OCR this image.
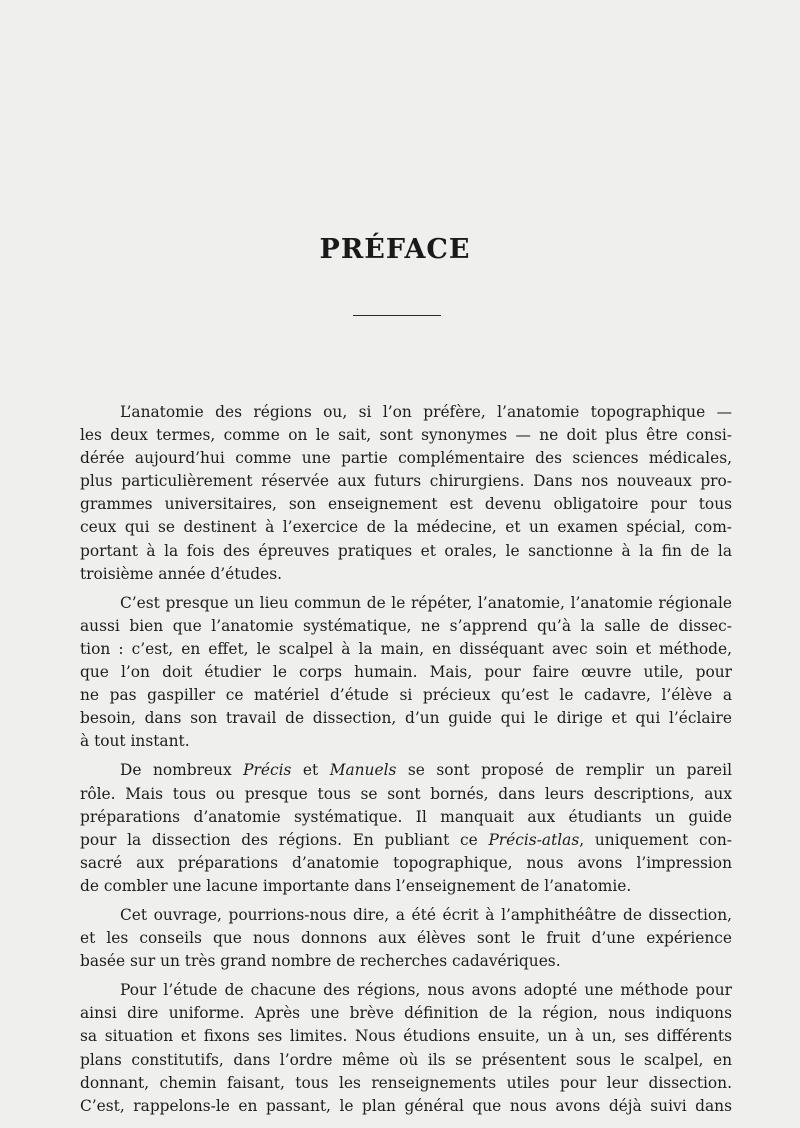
PRÉFACE
L’anatomie des régions ou, si l’on préfère, l’anatomie topographique —
les deux termes, comme on le sait, sont synonymes — ne doit plus être consi-
dérée aujourd’hui comme une partie complémentaire des sciences médicales,
plus particulièrement réservée aux futurs chirurgiens. Dans nos nouveaux pro-
grammes universitaires, son enseignement est devenu obligatoire pour tous
ceux qui se destinent à l’exercice de la médecine, et un examen spécial, com-
portant à la fois des épreuves pratiques et orales, le sanctionne à la fin de la
troisième année d’études.
C’est presque un lieu commun de le répéter, l’anatomie, l’anatomie régionale
aussi bien que l’anatomie systématique, ne s’apprend qu’à la salle de dissec-
tion : c’est, en effet, le scalpel à la main, en disséquant avec soin et méthode,
que l’on doit étudier le corps humain. Mais, pour faire œuvre utile, pour
ne pas gaspiller ce matériel d’étude si précieux qu’est le cadavre, l’élève a
besoin, dans son travail de dissection, d’un guide qui le dirige et qui l’éclaire
à tout instant.
De nombreux Précis et Manuels se sont proposé de remplir un pareil
rôle. Mais tous ou presque tous se sont bornés, dans leurs descriptions, aux
préparations d’anatomie systématique. Il manquait aux étudiants un guide
pour la dissection des régions. En publiant ce Précis-atlas, uniquement con-
sacré aux préparations d’anatomie topographique, nous avons l’impression
de combler une lacune importante dans l’enseignement de l’anatomie.
Cet ouvrage, pourrions-nous dire, a été écrit à l’amphithéâtre de dissection,
et les conseils que nous donnons aux élèves sont le fruit d’une expérience
basée sur un très grand nombre de recherches cadavériques.
Pour l’étude de chacune des régions, nous avons adopté une méthode pour
ainsi dire uniforme. Après une brève définition de la région, nous indiquons
sa situation et fixons ses limites. Nous étudions ensuite, un à un, ses différents
plans constitutifs, dans l’ordre même où ils se présentent sous le scalpel, en
donnant, chemin faisant, tous les renseignements utiles pour leur dissection.
C’est, rappelons-le en passant, le plan général que nous avons déjà suivi dans
